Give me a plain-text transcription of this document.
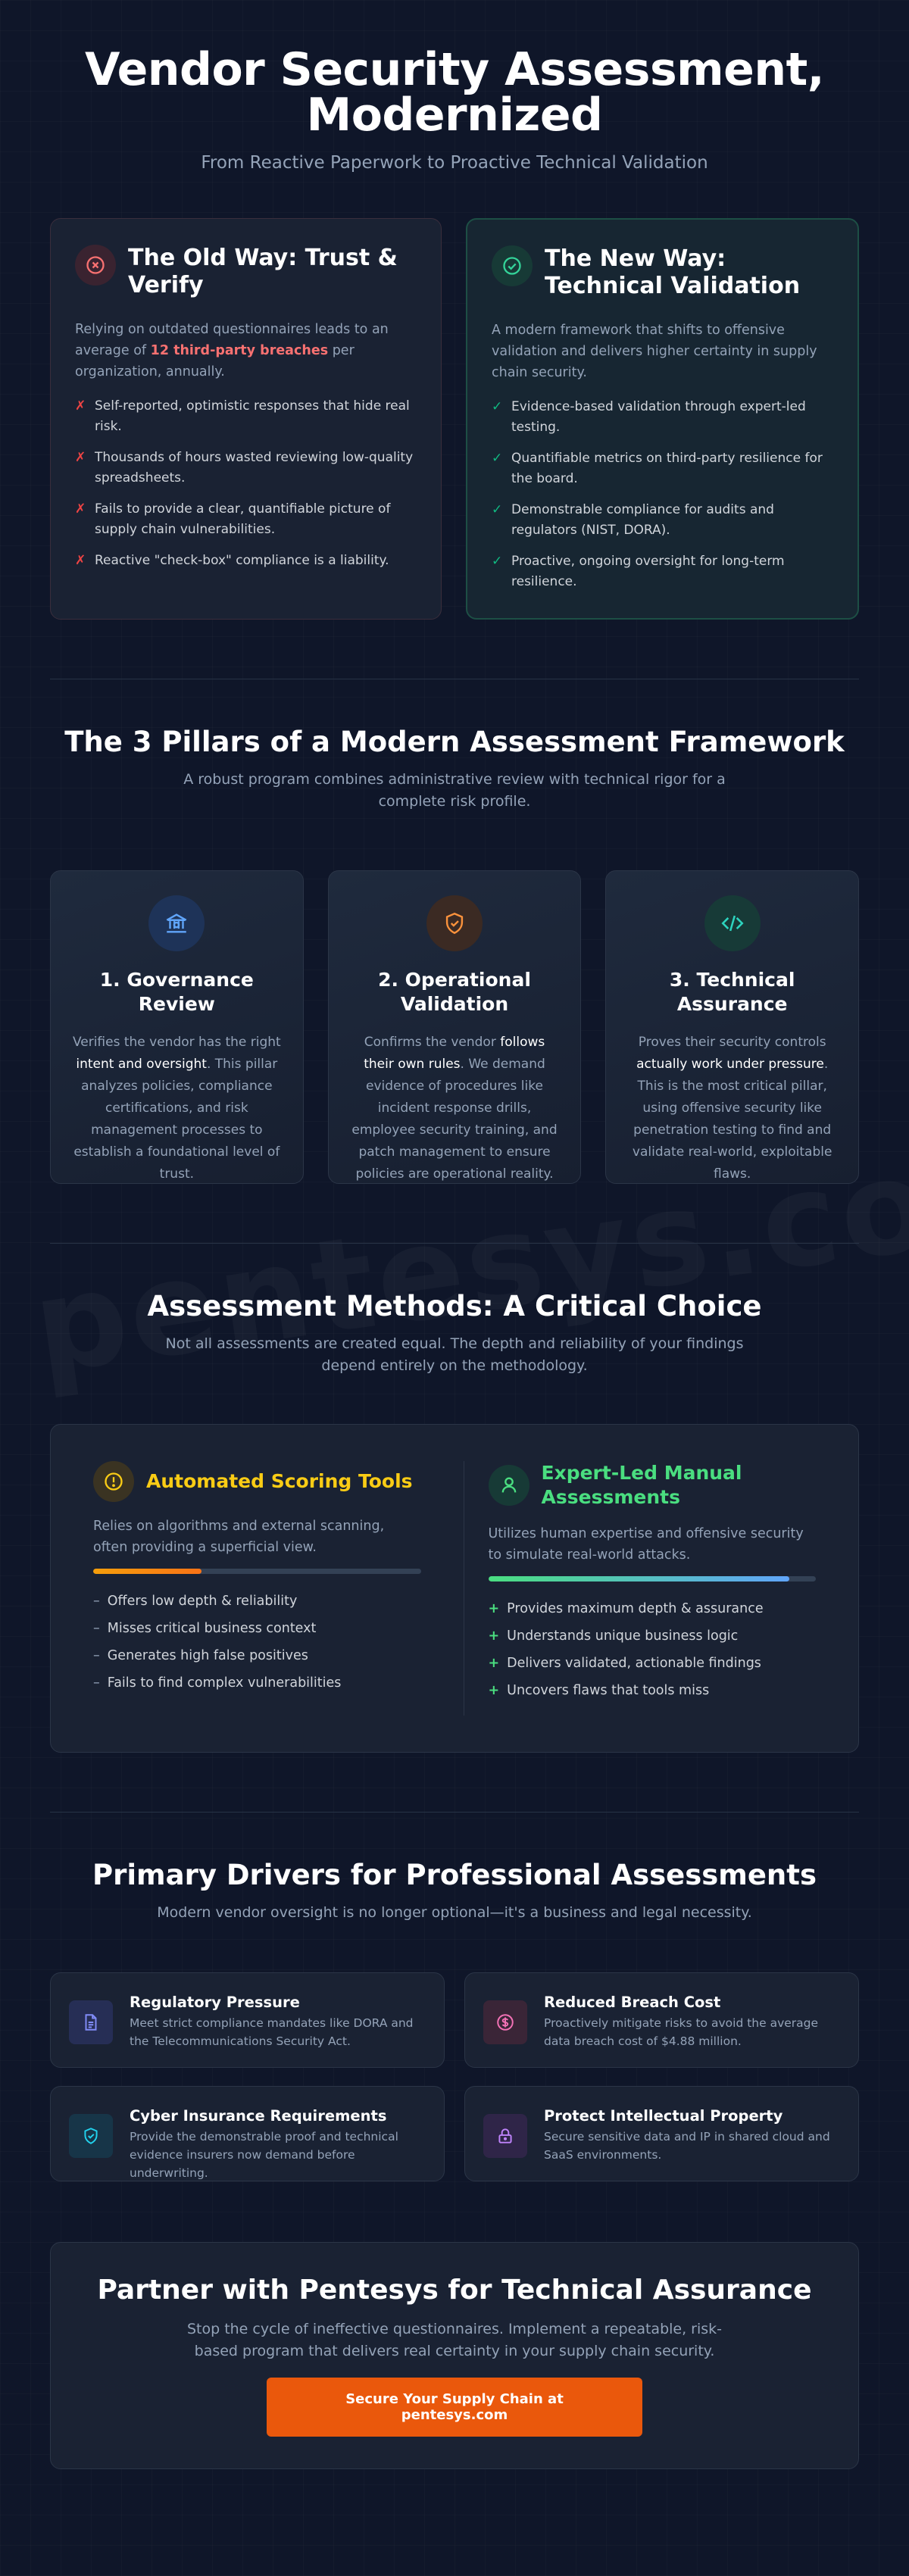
Vendor Security Assessment,
Modernized
From Reactive Paperwork to Proactive Technical Validation
The Old Way: Trust & Verify

Relying on outdated questionnaires leads to an average of 12 third-party breaches per organization, annually.

✗ Self-reported, optimistic responses that hide real risk.
✗ Thousands of hours wasted reviewing low-quality spreadsheets.
✗ Fails to provide a clear, quantifiable picture of supply chain vulnerabilities.
✗ Reactive "check-box" compliance is a liability.
The New Way: Technical Validation

A modern framework that shifts to offensive validation and delivers higher certainty in supply chain security.

✓ Evidence-based validation through expert-led testing.
✓ Quantifiable metrics on third-party resilience for the board.
✓ Demonstrable compliance for audits and regulators (NIST, DORA).
✓ Proactive, ongoing oversight for long-term resilience.
The 3 Pillars of a Modern Assessment Framework

A robust program combines administrative review with technical rigor for a complete risk profile.

1. Governance Review

Verifies the vendor has the right intent and oversight. This pillar analyzes policies, compliance certifications, and risk management processes to establish a foundational level of trust.

2. Operational Validation

Confirms the vendor follows their own rules. We demand evidence of procedures like incident response drills, employee security training, and patch management to ensure policies are operational reality.

3. Technical Assurance

Proves their security controls actually work under pressure. This is the most critical pillar, using offensive security like penetration testing to find and validate real-world, exploitable flaws.

Assessment Methods: A Critical Choice

Not all assessments are created equal. The depth and reliability of your findings depend entirely on the methodology.

Automated Scoring Tools

Relies on algorithms and external scanning, often providing a superficial view.

– Offers low depth & reliability
– Misses critical business context
– Generates high false positives
– Fails to find complex vulnerabilities
Expert-Led Manual Assessments

Utilizes human expertise and offensive security to simulate real-world attacks.

+ Provides maximum depth & assurance
+ Understands unique business logic
+ Delivers validated, actionable findings
+ Uncovers flaws that tools miss
Primary Drivers for Professional Assessments

Modern vendor oversight is no longer optional—it's a business and legal necessity.

Regulatory Pressure

Meet strict compliance mandates like DORA and the Telecommunications Security Act.

Reduced Breach Cost

Proactively mitigate risks to avoid the average data breach cost of $4.88 million.

Cyber Insurance Requirements

Provide the demonstrable proof and technical evidence insurers now demand before underwriting.

Protect Intellectual Property

Secure sensitive data and IP in shared cloud and SaaS environments.

Partner with Pentesys for Technical Assurance

Stop the cycle of ineffective questionnaires. Implement a repeatable, risk-based program that delivers real certainty in your supply chain security.

Secure Your Supply Chain at pentesys.com
